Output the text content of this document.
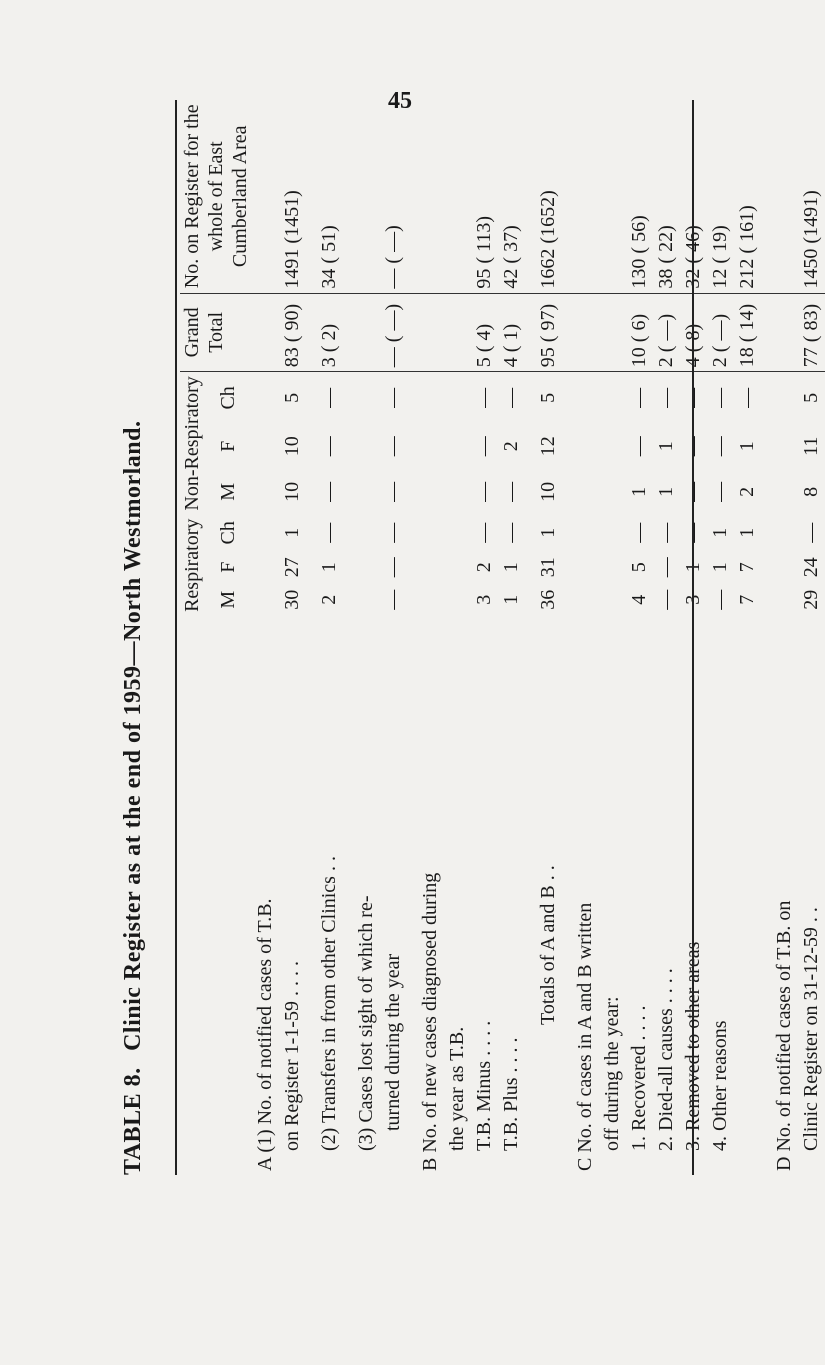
45
TABLE 8. Clinic Register as at the end of 1959—North Westmorland.
	Respiratory			Non-Respiratory			Grand Total	No. on Register for the whole of East Cumberland Area
	M	F	Ch	M	F	Ch		
A (1) No. of notified cases of T.B.								
on Register 1-1-59 . . . .	30	27	1	10	10	5	83 ( 90)	1491 (1451)

(2) Transfers in from other Clinics . .	2	1	—	—	—	—	3 ( 2)	34 ( 51)

(3) Cases lost sight of which re-								
turned during the year	—	—	—	—	—	—	— ( —)	— ( —)

B No. of new cases diagnosed during								
the year as T.B.								
T.B. Minus . . . .	3	2	—	—	—	—	5 ( 4)	95 ( 113)
T.B. Plus . . . .	1	1	—	—	2	—	4 ( 1)	42 ( 37)

Totals of A and B . .	36	31	1	10	12	5	95 ( 97)	1662 (1652)

C No. of cases in A and B written								
off during the year:								
1. Recovered . . . .	4	5	—	1	—	—	10 ( 6)	130 ( 56)
2. Died-all causes . . . .	—	—	—	1	1	—	2 ( —)	38 ( 22)
3. Removed to other areas	3	1	—	—	—	—	4 ( 8)	32 ( 46)
4. Other reasons	—	1	1	—	—	—	2 ( —)	12 ( 19)
	7	7	1	2	1	—	18 ( 14)	212 ( 161)

D No. of notified cases of T.B. on								
Clinic Register on 31-12-59 . .	29	24	—	8	11	5	77 ( 83)	1450 (1491)
